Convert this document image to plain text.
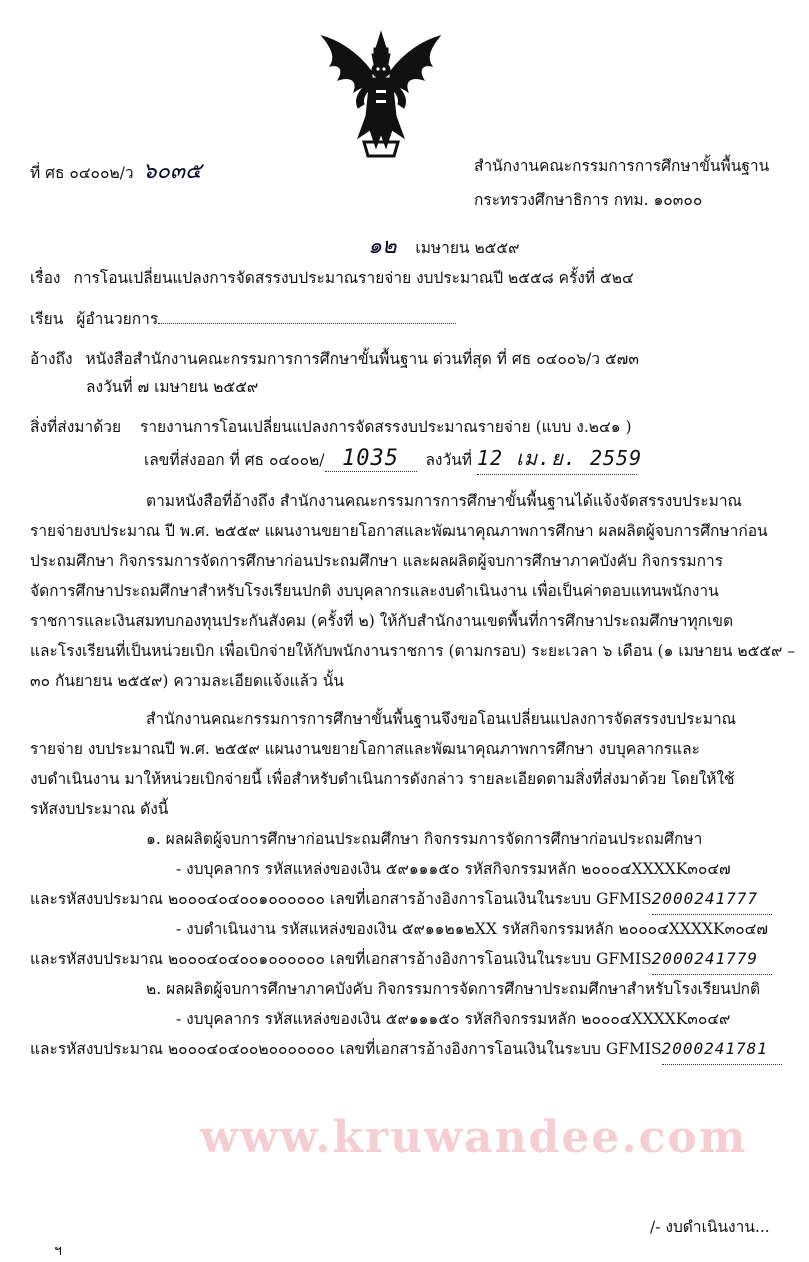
ที่ ศธ ๐๔๐๐๒/ว ๖๐๓๕	สำนักงานคณะกรรมการการศึกษาขั้นพื้นฐาน
กระทรวงศึกษาธิการ กทม. ๑๐๓๐๐
๑๒ เมษายน ๒๕๕๙
เรื่อง การโอนเปลี่ยนแปลงการจัดสรรงบประมาณรายจ่าย งบประมาณปี ๒๕๕๘ ครั้งที่ ๕๒๔
เรียน ผู้อำนวยการ
อ้างถึง หนังสือสำนักงานคณะกรรมการการศึกษาขั้นพื้นฐาน ด่วนที่สุด ที่ ศธ ๐๔๐๐๖/ว ๕๗๓
ลงวันที่ ๗ เมษายน ๒๕๕๙
สิ่งที่ส่งมาด้วย รายงานการโอนเปลี่ยนแปลงการจัดสรรงบประมาณรายจ่าย (แบบ ง.๒๔๑ )
เลขที่ส่งออก ที่ ศธ ๐๔๐๐๒/ 1035 ลงวันที่ 12 เม.ย. 2559
ตามหนังสือที่อ้างถึง สำนักงานคณะกรรมการการศึกษาขั้นพื้นฐานได้แจ้งจัดสรรงบประมาณ
รายจ่ายงบประมาณ ปี พ.ศ. ๒๕๕๙ แผนงานขยายโอกาสและพัฒนาคุณภาพการศึกษา ผลผลิตผู้จบการศึกษาก่อน
ประถมศึกษา กิจกรรมการจัดการศึกษาก่อนประถมศึกษา และผลผลิตผู้จบการศึกษาภาคบังคับ กิจกรรมการ
จัดการศึกษาประถมศึกษาสำหรับโรงเรียนปกติ งบบุคลากรและงบดำเนินงาน เพื่อเป็นค่าตอบแทนพนักงาน
ราชการและเงินสมทบกองทุนประกันสังคม (ครั้งที่ ๒) ให้กับสำนักงานเขตพื้นที่การศึกษาประถมศึกษาทุกเขต
และโรงเรียนที่เป็นหน่วยเบิก เพื่อเบิกจ่ายให้กับพนักงานราชการ (ตามกรอบ) ระยะเวลา ๖ เดือน (๑ เมษายน ๒๕๕๙ –
๓๐ กันยายน ๒๕๕๙) ความละเอียดแจ้งแล้ว นั้น
สำนักงานคณะกรรมการการศึกษาขั้นพื้นฐานจึงขอโอนเปลี่ยนแปลงการจัดสรรงบประมาณ
รายจ่าย งบประมาณปี พ.ศ. ๒๕๕๙ แผนงานขยายโอกาสและพัฒนาคุณภาพการศึกษา งบบุคลากรและ
งบดำเนินงาน มาให้หน่วยเบิกจ่ายนี้ เพื่อสำหรับดำเนินการดังกล่าว รายละเอียดตามสิ่งที่ส่งมาด้วย โดยให้ใช้
รหัสงบประมาณ ดังนี้
๑. ผลผลิตผู้จบการศึกษาก่อนประถมศึกษา กิจกรรมการจัดการศึกษาก่อนประถมศึกษา
- งบบุคลากร รหัสแหล่งของเงิน ๕๙๑๑๑๕๐ รหัสกิจกรรมหลัก ๒๐๐๐๔XXXXK๓๐๔๗
และรหัสงบประมาณ ๒๐๐๐๔๐๔๐๐๑๐๐๐๐๐๐ เลขที่เอกสารอ้างอิงการโอนเงินในระบบ GFMIS2000241777
- งบดำเนินงาน รหัสแหล่งของเงิน ๕๙๑๑๒๑๒XX รหัสกิจกรรมหลัก ๒๐๐๐๔XXXXK๓๐๔๗
และรหัสงบประมาณ ๒๐๐๐๔๐๔๐๐๑๐๐๐๐๐๐ เลขที่เอกสารอ้างอิงการโอนเงินในระบบ GFMIS2000241779
๒. ผลผลิตผู้จบการศึกษาภาคบังคับ กิจกรรมการจัดการศึกษาประถมศึกษาสำหรับโรงเรียนปกติ
- งบบุคลากร รหัสแหล่งของเงิน ๕๙๑๑๑๕๐ รหัสกิจกรรมหลัก ๒๐๐๐๔XXXXK๓๐๔๙
และรหัสงบประมาณ ๒๐๐๐๔๐๔๐๐๒๐๐๐๐๐๐๐ เลขที่เอกสารอ้างอิงการโอนเงินในระบบ GFMIS2000241781
www.kruwandee.com
/- งบดำเนินงาน...
ฯ
